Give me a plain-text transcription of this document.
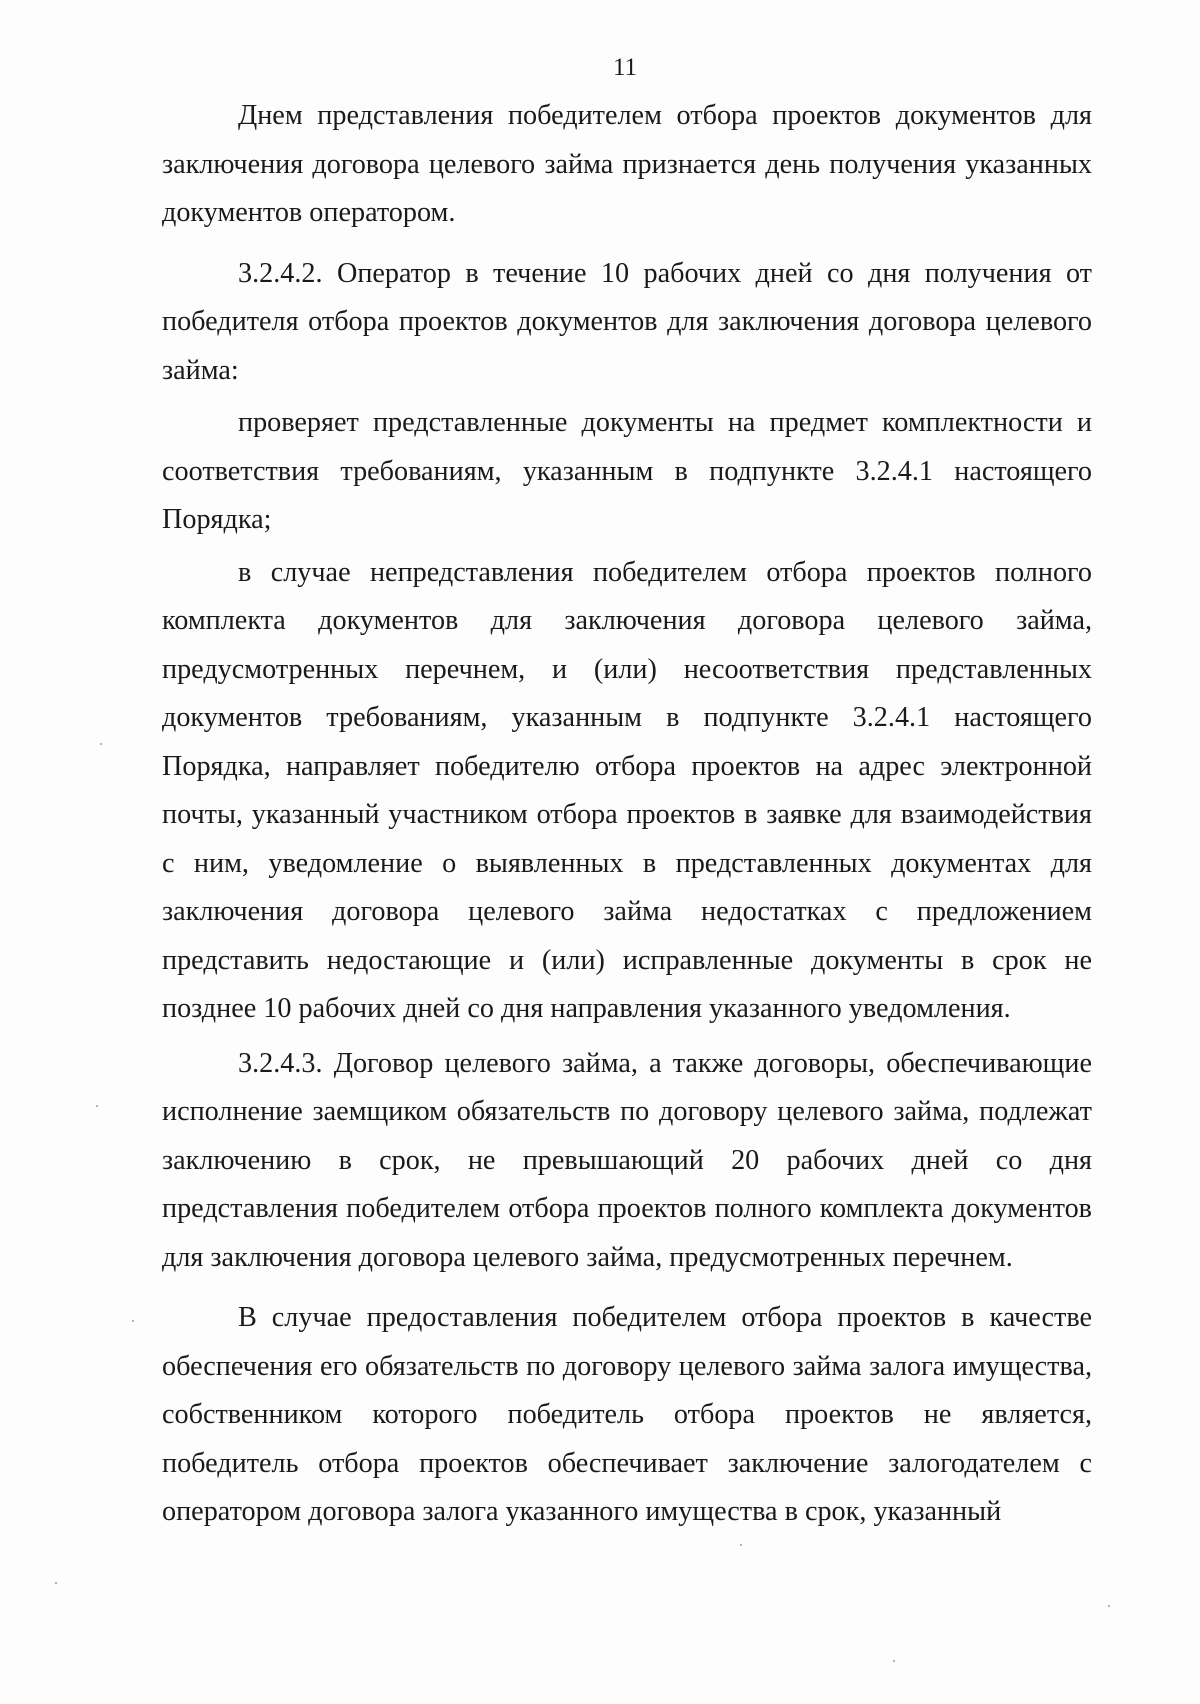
11

Днем представления победителем отбора проектов документов для заключения договора целевого займа признается день получения указанных документов оператором.

3.2.4.2. Оператор в течение 10 рабочих дней со дня получения от победителя отбора проектов документов для заключения договора целевого займа:

проверяет представленные документы на предмет комплектности и соответствия требованиям, указанным в подпункте 3.2.4.1 настоящего Порядка;

в случае непредставления победителем отбора проектов полного комплекта документов для заключения договора целевого займа, предусмотренных перечнем, и (или) несоответствия представленных документов требованиям, указанным в подпункте 3.2.4.1 настоящего Порядка, направляет победителю отбора проектов на адрес электронной почты, указанный участником отбора проектов в заявке для взаимодействия с ним, уведомление о выявленных в представленных документах для заключения договора целевого займа недостатках с предложением представить недостающие и (или) исправленные документы в срок не позднее 10 рабочих дней со дня направления указанного уведомления.

3.2.4.3. Договор целевого займа, а также договоры, обеспечивающие исполнение заемщиком обязательств по договору целевого займа, подлежат заключению в срок, не превышающий 20 рабочих дней со дня представления победителем отбора проектов полного комплекта документов для заключения договора целевого займа, предусмотренных перечнем.

В случае предоставления победителем отбора проектов в качестве обеспечения его обязательств по договору целевого займа залога имущества, собственником которого победитель отбора проектов не является, победитель отбора проектов обеспечивает заключение залогодателем с оператором договора залога указанного имущества в срок, указанный
